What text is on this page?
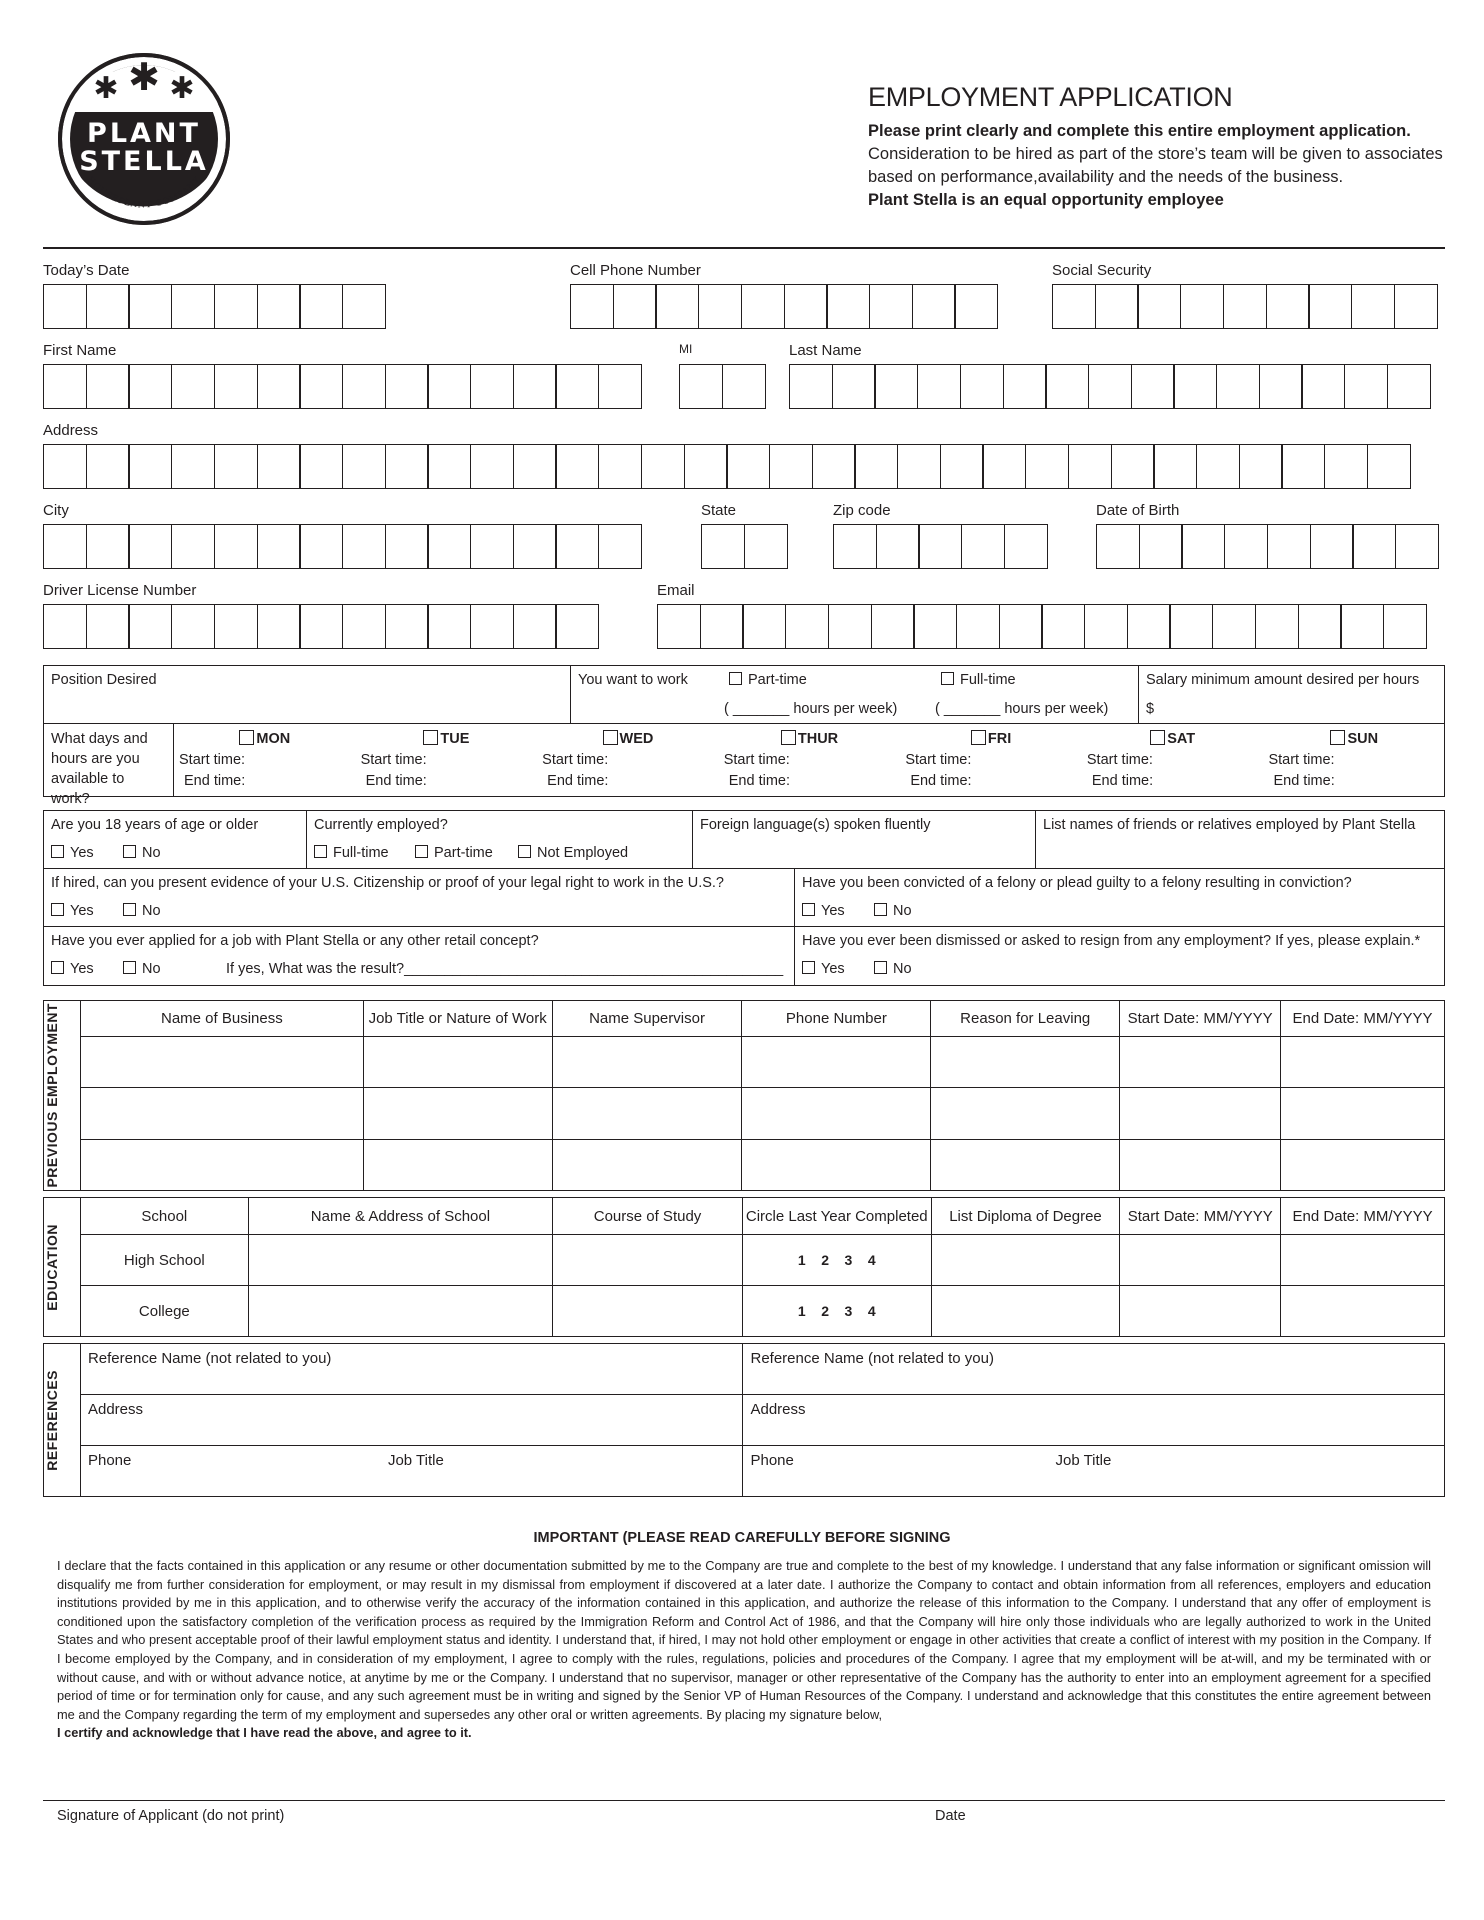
✱ ✱ ✱
PLANT
STELLA
HOUSEPLANT COMPANY
EMPLOYMENT APPLICATION
Please print clearly and complete this entire employment application.
Consideration to be hired as part of the store’s team will be given to associates based on performance,availability and the needs of the business.
Plant Stella is an equal opportunity employee
Today’s Date	Cell Phone Number	Social Security
First Name	MI	Last Name
Address
City	State	Zip code	Date of Birth
Driver License Number	Email
Position Desired	You want to work	Part-time	Full-time
( _______ hours per week)	( _______ hours per week)
Salary minimum amount desired per hours
$
What days and hours are you available to work?
MON
Start time:
End time:
TUE
Start time:
End time:
WED
Start time:
End time:
THUR
Start time:
End time:
FRI
Start time:
End time:
SAT
Start time:
End time:
SUN
Start time:
End time:
Are you 18 years of age or older
Yes	No
Currently employed?
Full-time	Part-time	Not Employed
Foreign language(s) spoken fluently	List names of friends or relatives employed by Plant Stella
If hired, can you present evidence of your U.S. Citizenship or proof of your legal right to work in the U.S.?
Yes	No
Have you been convicted of a felony or plead guilty to a felony resulting in conviction?
Yes	No
Have you ever applied for a job with Plant Stella or any other retail concept?
Yes	No	If yes, What was the result?_______________________________________________
Have you ever been dismissed or asked to resign from any employment? If yes, please explain.*
Yes	No
PREVIOUS EMPLOYMENT	Name of Business	Job Title or Nature of Work	Name Supervisor	Phone Number	Reason for Leaving	Start Date: MM/YYYY	End Date: MM/YYYY

EDUCATION	School	Name & Address of School	Course of Study	Circle Last Year Completed	List Diploma of Degree	Start Date: MM/YYYY	End Date: MM/YYYY
	High School			1    2    3    4			
	College			1    2    3    4			
REFERENCES	Reference Name (not related to you)	Reference Name (not related to you)
	Address	Address
	Phone Job Title	Phone Job Title
IMPORTANT (PLEASE READ CAREFULLY BEFORE SIGNING
I declare that the facts contained in this application or any resume or other documentation submitted by me to the Company are true and complete to the best of my knowledge. I understand that any false information or significant omission will disqualify me from further consideration for employment, or may result in my dismissal from employment if discovered at a later date. I authorize the Company to contact and obtain information from all references, employers and education institutions provided by me in this application, and to otherwise verify the accuracy of the information contained in this application, and authorize the release of this information to the Company. I understand that any offer of employment is conditioned upon the satisfactory completion of the verification process as required by the Immigration Reform and Control Act of 1986, and that the Company will hire only those individuals who are legally authorized to work in the United States and who present acceptable proof of their lawful employment status and identity. I understand that, if hired, I may not hold other employment or engage in other activities that create a conflict of interest with my position in the Company. If I become employed by the Company, and in consideration of my employment, I agree to comply with the rules, regulations, policies and procedures of the Company. I agree that my employment will be at-will, and my be terminated with or without cause, and with or without advance notice, at anytime by me or the Company. I understand that no supervisor, manager or other representative of the Company has the authority to enter into an employment agreement for a specified period of time or for termination only for cause, and any such agreement must be in writing and signed by the Senior VP of Human Resources of the Company. I understand and acknowledge that this constitutes the entire agreement between me and the Company regarding the term of my employment and supersedes any other oral or written agreements. By placing my signature below,
I certify and acknowledge that I have read the above, and agree to it.
Signature of Applicant (do not print)	Date
